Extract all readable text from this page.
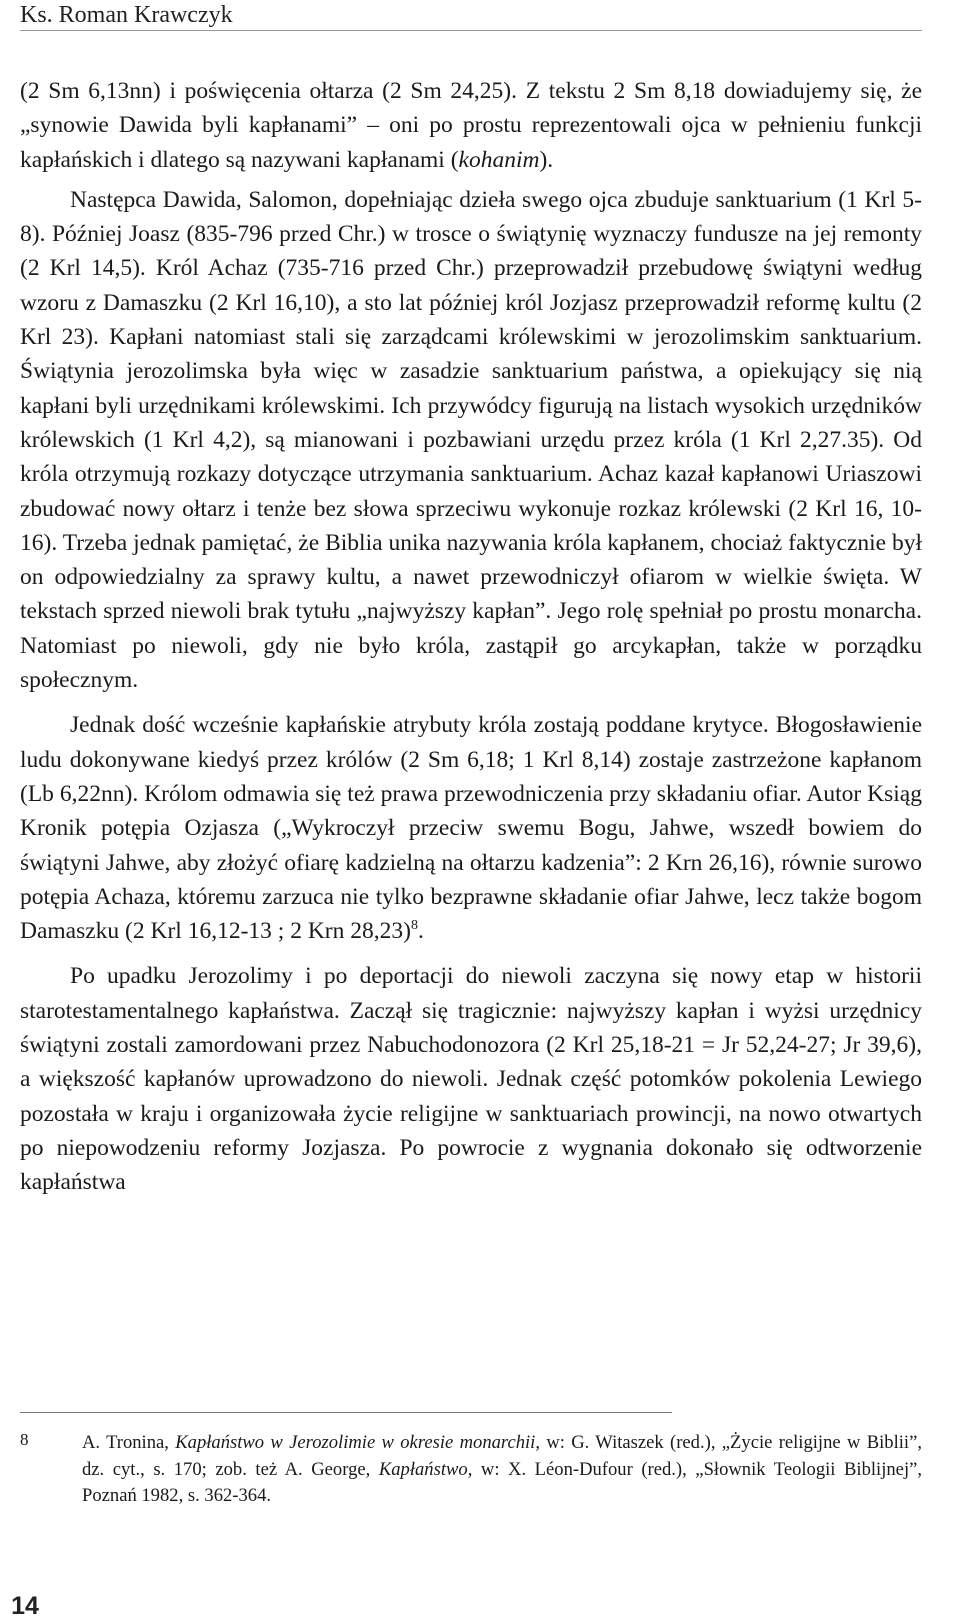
Ks. Roman Krawczyk

(2 Sm 6,13nn) i poświęcenia ołtarza (2 Sm 24,25). Z tekstu 2 Sm 8,18 dowiadujemy się, że „synowie Dawida byli kapłanami” – oni po prostu reprezentowali ojca w pełnieniu funkcji kapłańskich i dlatego są nazywani kapłanami (kohanim).

Następca Dawida, Salomon, dopełniając dzieła swego ojca zbuduje sanktuarium (1 Krl 5-8). Później Joasz (835-796 przed Chr.) w trosce o świątynię wyznaczy fundusze na jej remonty (2 Krl 14,5). Król Achaz (735-716 przed Chr.) przeprowadził przebudowę świątyni według wzoru z Damaszku (2 Krl 16,10), a sto lat później król Jozjasz przeprowadził reformę kultu (2 Krl 23). Kapłani natomiast stali się zarządcami królewskimi w jerozolimskim sanktuarium. Świątynia jerozolimska była więc w zasadzie sanktuarium państwa, a opiekujący się nią kapłani byli urzędnikami królewskimi. Ich przywódcy figurują na listach wysokich urzędników królewskich (1 Krl 4,2), są mianowani i pozbawiani urzędu przez króla (1 Krl 2,27.35). Od króla otrzymują rozkazy dotyczące utrzymania sanktuarium. Achaz kazał kapłanowi Uriaszowi zbudować nowy ołtarz i tenże bez słowa sprzeciwu wykonuje rozkaz królewski (2 Krl 16, 10-16). Trzeba jednak pamiętać, że Biblia unika nazywania króla kapłanem, chociaż faktycznie był on odpowiedzialny za sprawy kultu, a nawet przewodniczył ofiarom w wielkie święta. W tekstach sprzed niewoli brak tytułu „najwyższy kapłan”. Jego rolę spełniał po prostu monarcha. Natomiast po niewoli, gdy nie było króla, zastąpił go arcykapłan, także w porządku społecznym.

Jednak dość wcześnie kapłańskie atrybuty króla zostają poddane krytyce. Błogosławienie ludu dokonywane kiedyś przez królów (2 Sm 6,18; 1 Krl 8,14) zostaje zastrzeżone kapłanom (Lb 6,22nn). Królom odmawia się też prawa przewodniczenia przy składaniu ofiar. Autor Ksiąg Kronik potępia Ozjasza („Wykroczył przeciw swemu Bogu, Jahwe, wszedł bowiem do świątyni Jahwe, aby złożyć ofiarę kadzielną na ołtarzu kadzenia”: 2 Krn 26,16), równie surowo potępia Achaza, któremu zarzuca nie tylko bezprawne składanie ofiar Jahwe, lecz także bogom Damaszku (2 Krl 16,12-13 ; 2 Krn 28,23)$^8$.

Po upadku Jerozolimy i po deportacji do niewoli zaczyna się nowy etap w historii starotestamentalnego kapłaństwa. Zaczął się tragicznie: najwyższy kapłan i wyżsi urzędnicy świątyni zostali zamordowani przez Nabuchodonozora (2 Krl 25,18-21 = Jr 52,24-27; Jr 39,6), a większość kapłanów uprowadzono do niewoli. Jednak część potomków pokolenia Lewiego pozostała w kraju i organizowała życie religijne w sanktuariach prowincji, na nowo otwartych po niepowodzeniu reformy Jozjasza. Po powrocie z wygnania dokonało się odtworzenie kapłaństwa

8	A. Tronina, Kapłaństwo w Jerozolimie w okresie monarchii, w: G. Witaszek (red.), „Życie religijne w Biblii”, dz. cyt., s. 170; zob. też A. George, Kapłaństwo, w: X. Léon-Dufour (red.), „Słownik Teologii Biblijnej”, Poznań 1982, s. 362-364.
14
